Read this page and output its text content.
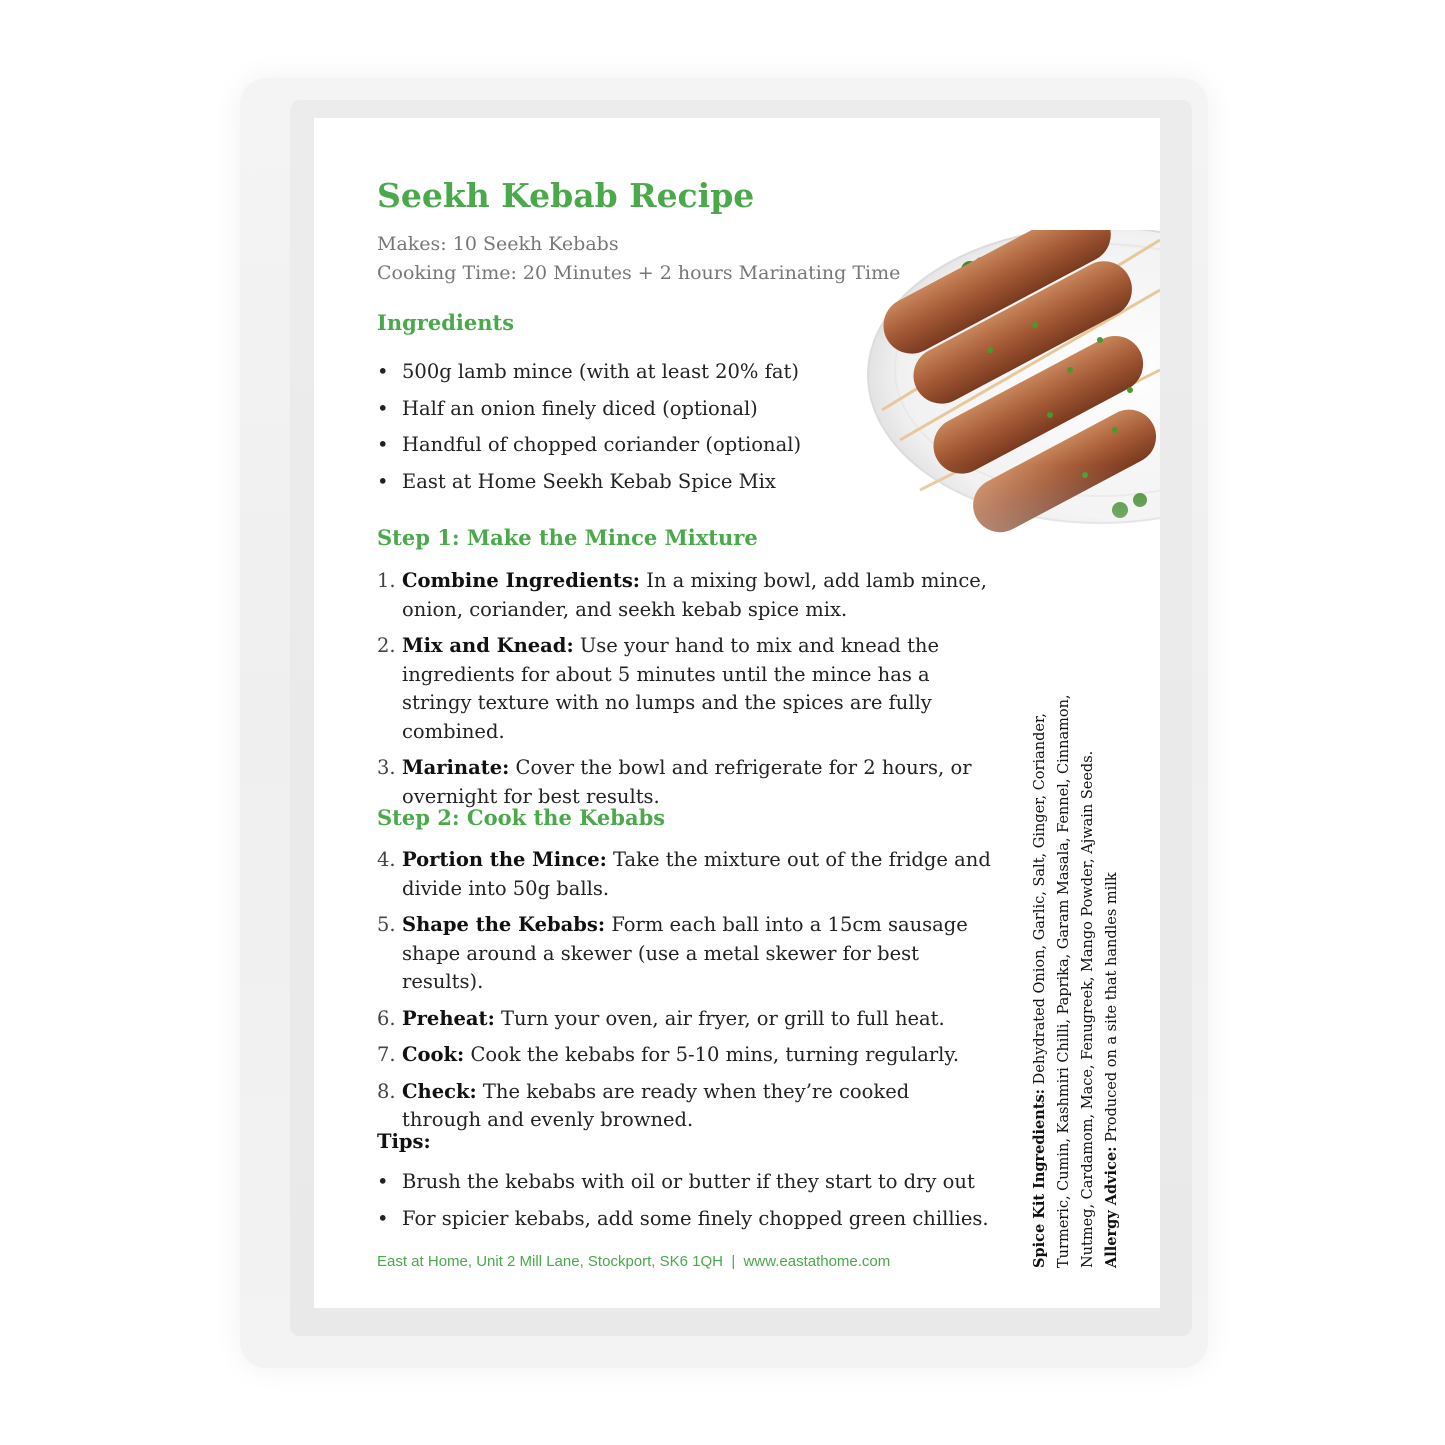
Seekh Kebab Recipe
Makes: 10 Seekh Kebabs
Cooking Time: 20 Minutes + 2 hours Marinating Time
Ingredients
• 500g lamb mince (with at least 20% fat)
• Half an onion finely diced (optional)
• Handful of chopped coriander (optional)
• East at Home Seekh Kebab Spice Mix
Step 1: Make the Mince Mixture
1. Combine Ingredients: In a mixing bowl, add lamb mince, onion, coriander, and seekh kebab spice mix.
2. Mix and Knead: Use your hand to mix and knead the ingredients for about 5 minutes until the mince has a stringy texture with no lumps and the spices are fully combined.
3. Marinate: Cover the bowl and refrigerate for 2 hours, or overnight for best results.
Step 2: Cook the Kebabs
4. Portion the Mince: Take the mixture out of the fridge and divide into 50g balls.
5. Shape the Kebabs: Form each ball into a 15cm sausage shape around a skewer (use a metal skewer for best results).
6. Preheat: Turn your oven, air fryer, or grill to full heat.
7. Cook: Cook the kebabs for 5-10 mins, turning regularly.
8. Check: The kebabs are ready when they’re cooked through and evenly browned.
Tips:
• Brush the kebabs with oil or butter if they start to dry out
• For spicier kebabs, add some finely chopped green chillies.
East at Home, Unit 2 Mill Lane, Stockport, SK6 1QH  |  www.eastathome.com	Spice Kit Ingredients: Dehydrated Onion, Garlic, Salt, Ginger, Coriander, Turmeric, Cumin, Kashmiri Chilli, Paprika, Garam Masala, Fennel, Cinnamon, Nutmeg, Cardamom, Mace, Fenugreek, Mango Powder, Ajwain Seeds. Allergy Advice: Produced on a site that handles milk
